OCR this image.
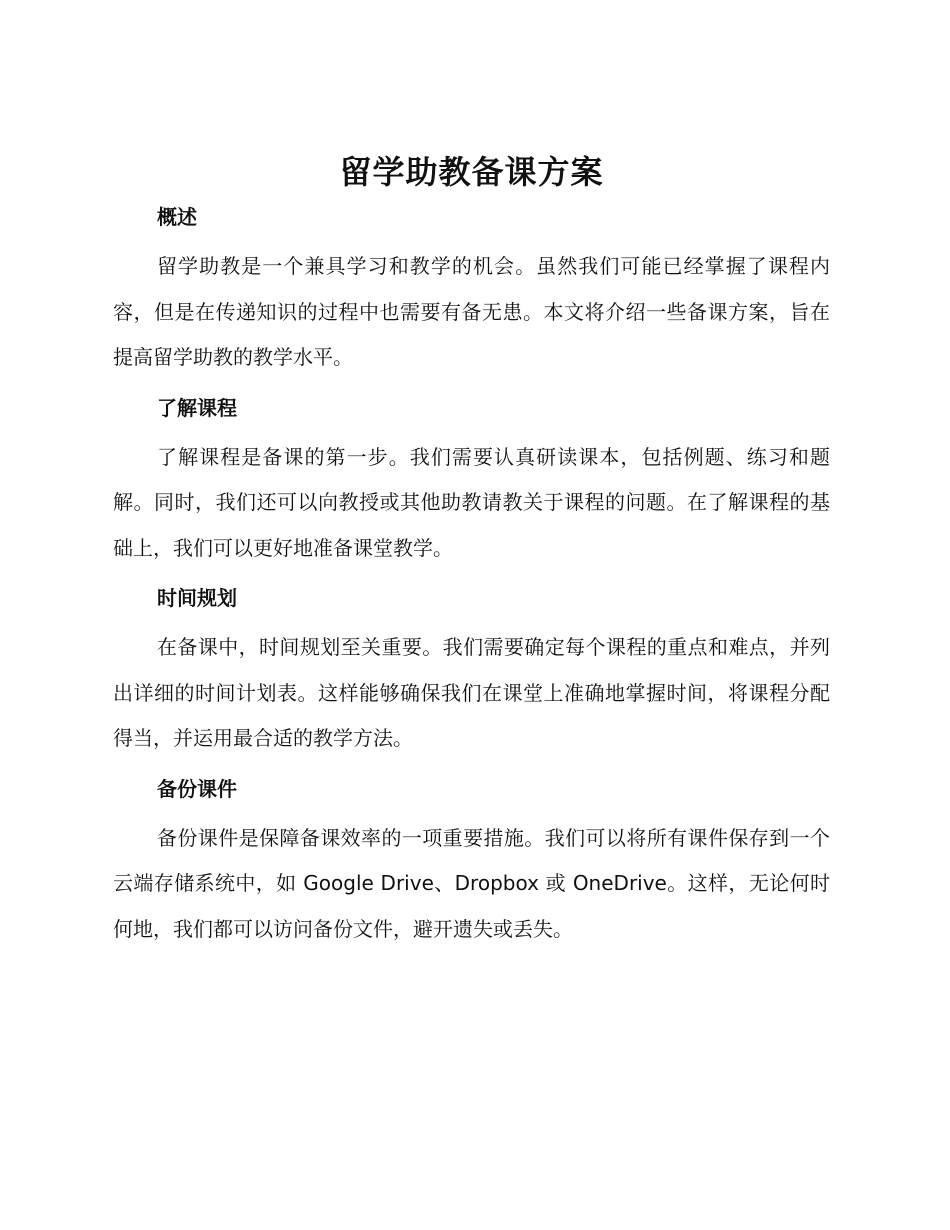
留学助教备课方案
概述

留学助教是一个兼具学习和教学的机会。虽然我们可能已经掌握了课程内容，但是在传递知识的过程中也需要有备无患。本文将介绍一些备课方案，旨在提高留学助教的教学水平。

了解课程

了解课程是备课的第一步。我们需要认真研读课本，包括例题、练习和题解。同时，我们还可以向教授或其他助教请教关于课程的问题。在了解课程的基础上，我们可以更好地准备课堂教学。

时间规划

在备课中，时间规划至关重要。我们需要确定每个课程的重点和难点，并列出详细的时间计划表。这样能够确保我们在课堂上准确地掌握时间，将课程分配得当，并运用最合适的教学方法。

备份课件

备份课件是保障备课效率的一项重要措施。我们可以将所有课件保存到一个云端存储系统中，如 Google Drive、Dropbox 或 OneDrive。这样，无论何时何地，我们都可以访问备份文件，避开遗失或丢失。
